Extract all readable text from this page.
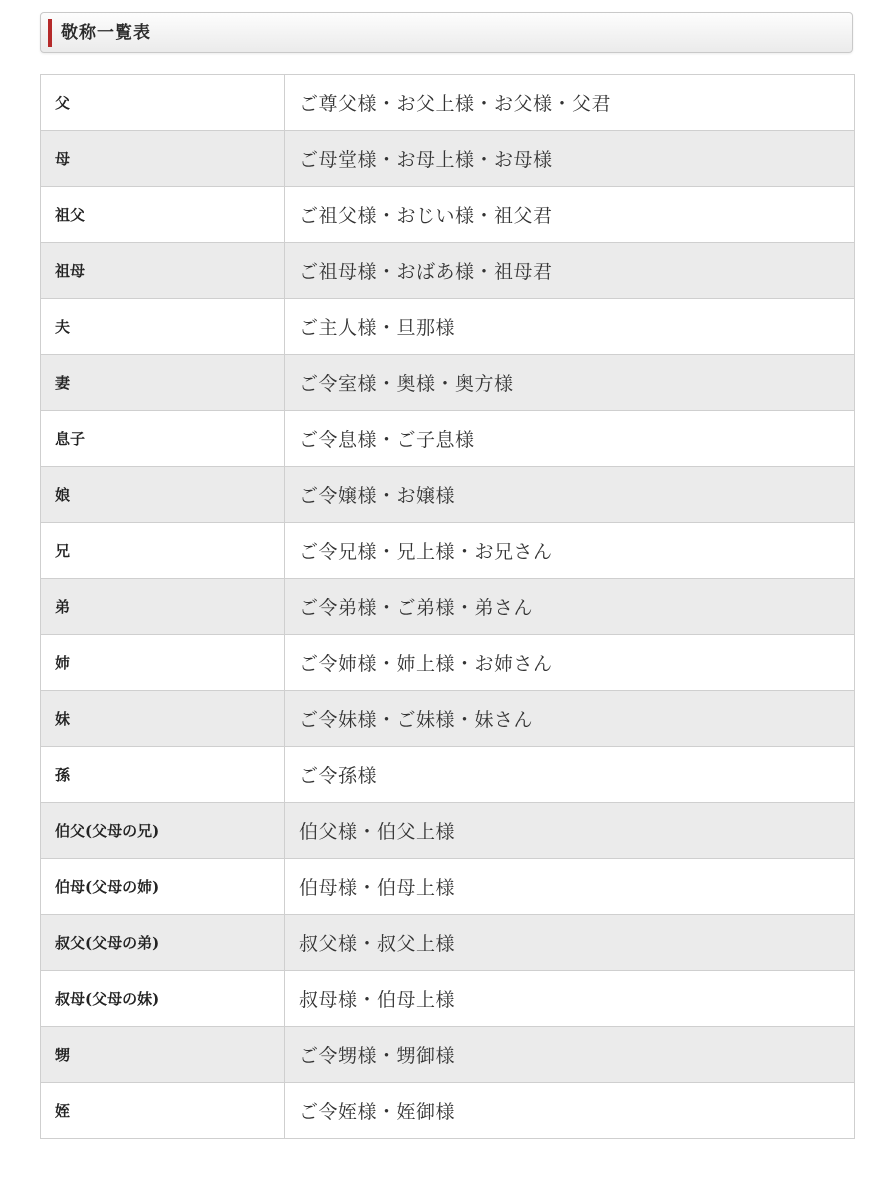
敬称一覧表
父	ご尊父様・お父上様・お父様・父君
母	ご母堂様・お母上様・お母様
祖父	ご祖父様・おじい様・祖父君
祖母	ご祖母様・おばあ様・祖母君
夫	ご主人様・旦那様
妻	ご令室様・奥様・奥方様
息子	ご令息様・ご子息様
娘	ご令嬢様・お嬢様
兄	ご令兄様・兄上様・お兄さん
弟	ご令弟様・ご弟様・弟さん
姉	ご令姉様・姉上様・お姉さん
妹	ご令妹様・ご妹様・妹さん
孫	ご令孫様
伯父(父母の兄)	伯父様・伯父上様
伯母(父母の姉)	伯母様・伯母上様
叔父(父母の弟)	叔父様・叔父上様
叔母(父母の妹)	叔母様・伯母上様
甥	ご令甥様・甥御様
姪	ご令姪様・姪御様
